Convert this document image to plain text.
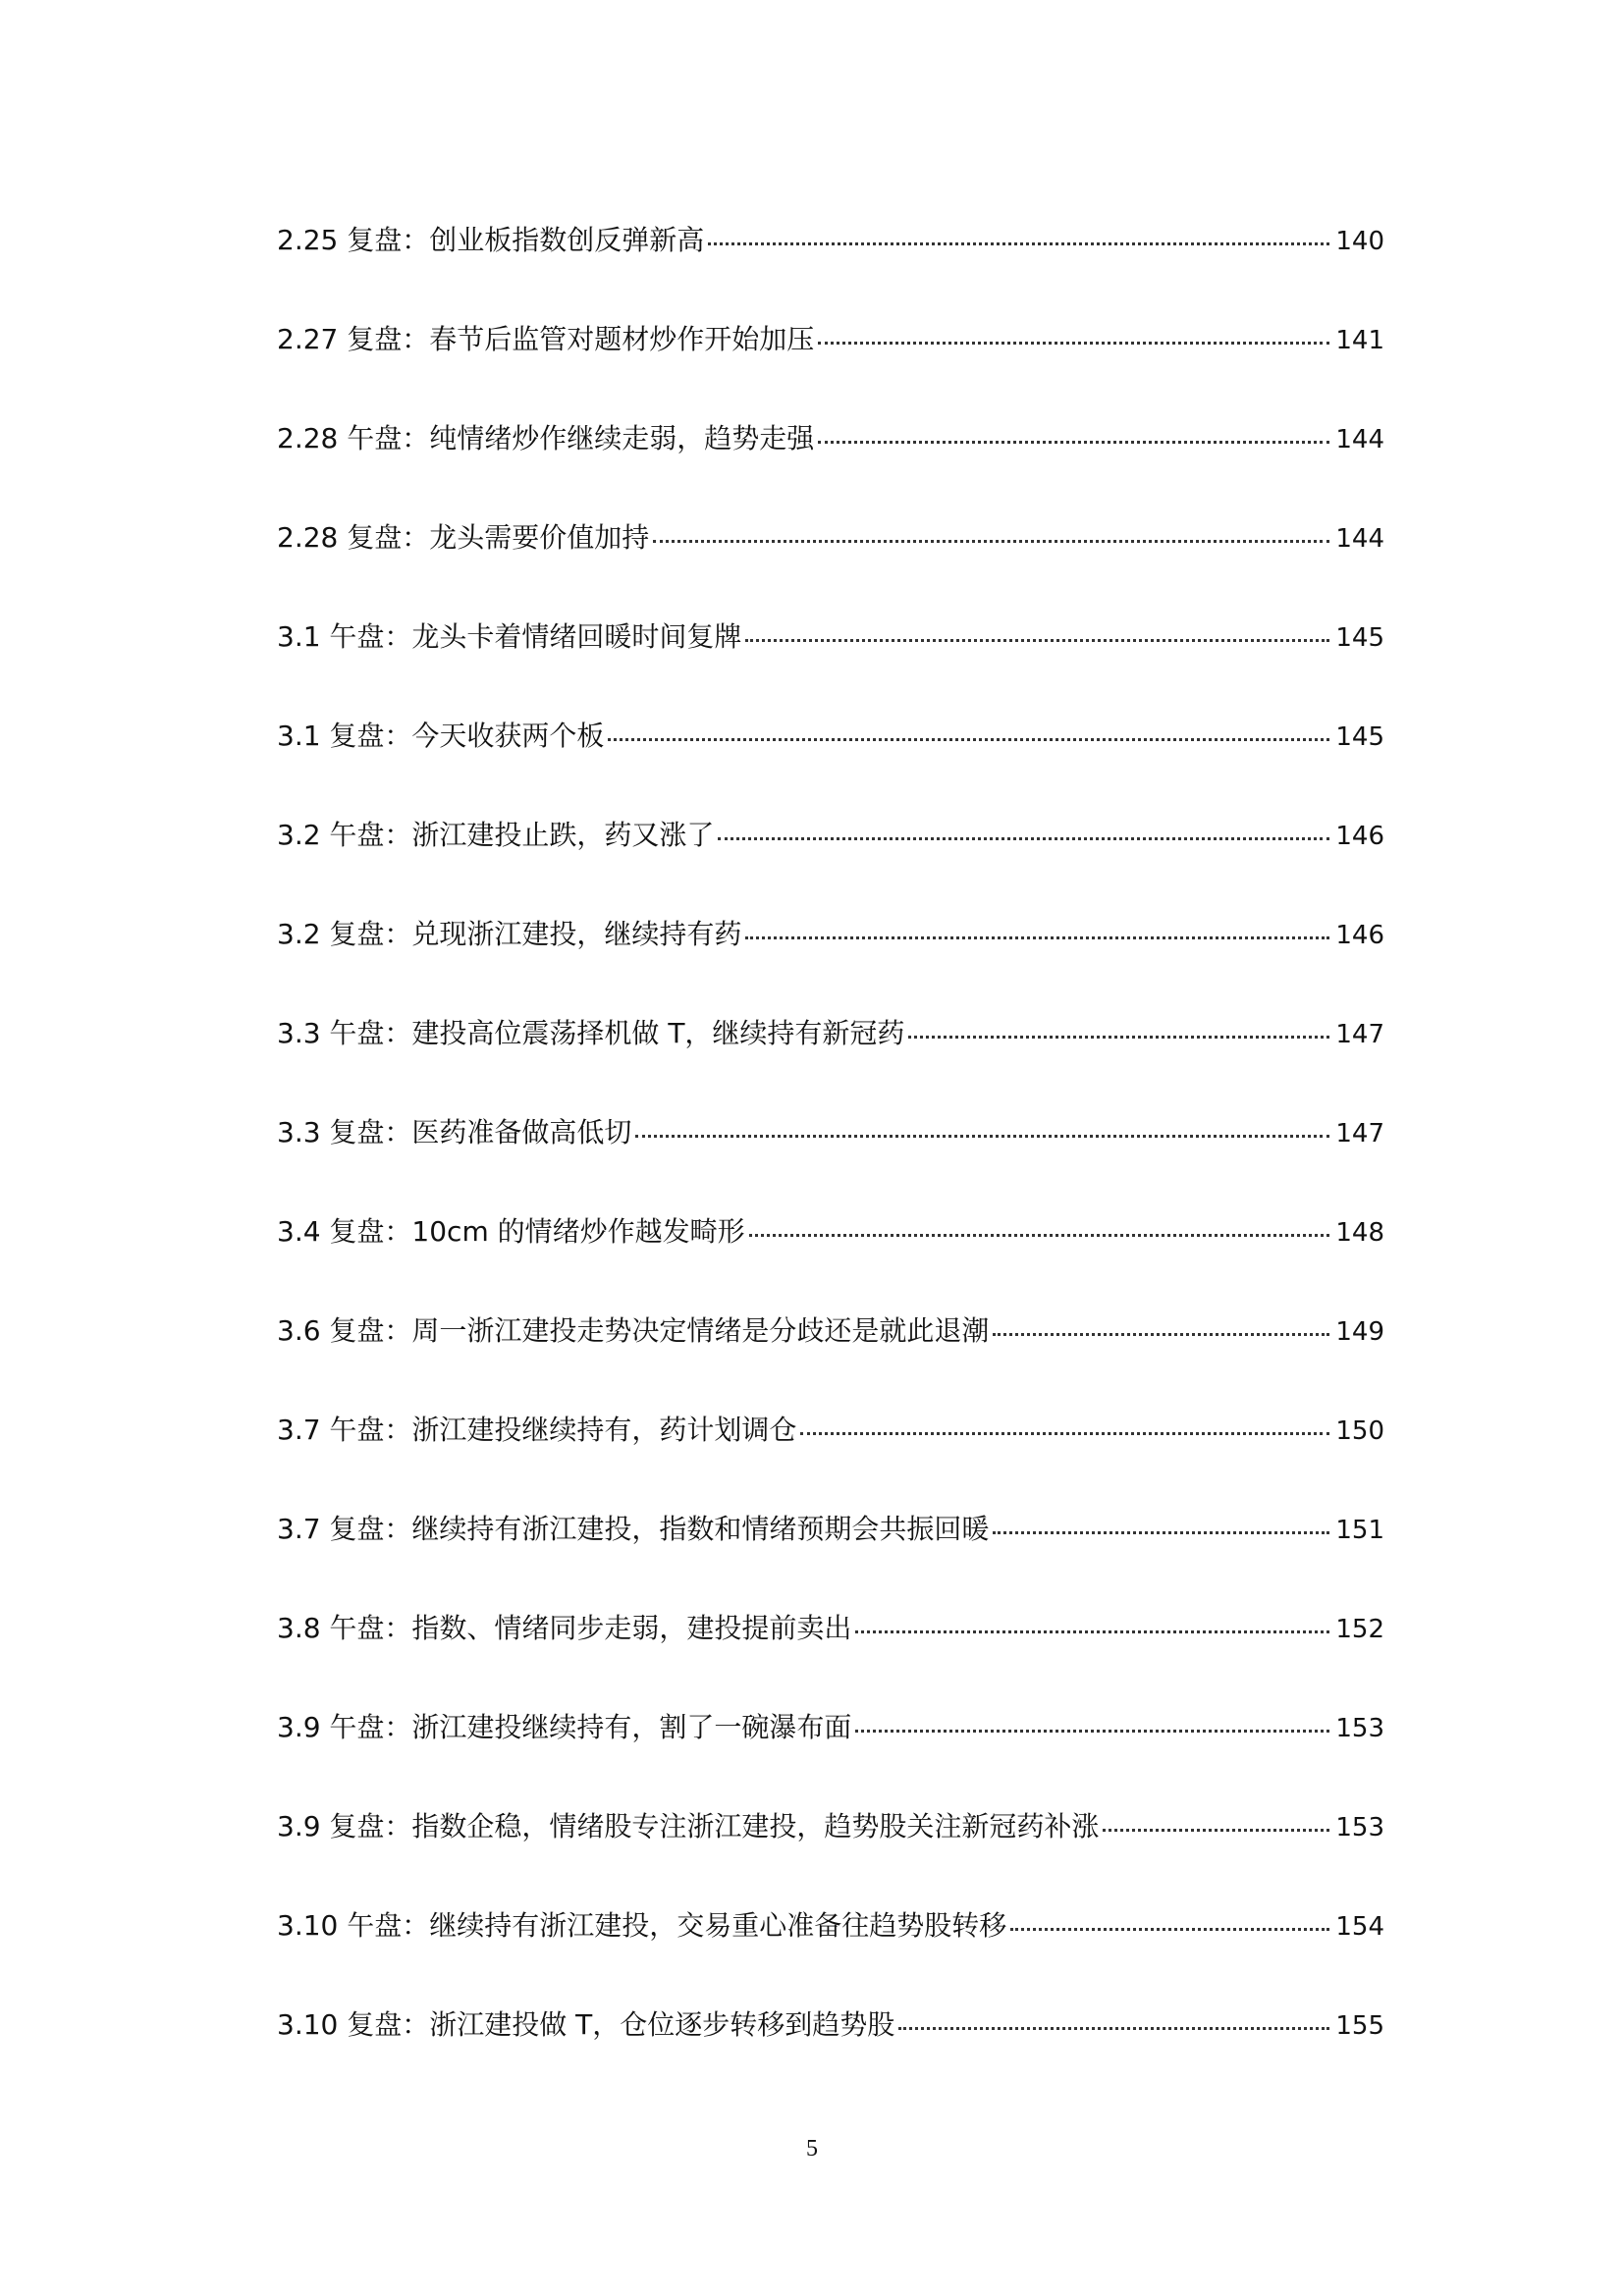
2.25 复盘：创业板指数创反弹新高	140
2.27 复盘：春节后监管对题材炒作开始加压	141
2.28 午盘：纯情绪炒作继续走弱，趋势走强	144
2.28 复盘：龙头需要价值加持	144
3.1 午盘：龙头卡着情绪回暖时间复牌	145
3.1 复盘：今天收获两个板	145
3.2 午盘：浙江建投止跌，药又涨了	146
3.2 复盘：兑现浙江建投，继续持有药	146
3.3 午盘：建投高位震荡择机做 T，继续持有新冠药	147
3.3 复盘：医药准备做高低切	147
3.4 复盘：10cm 的情绪炒作越发畸形	148
3.6 复盘：周一浙江建投走势决定情绪是分歧还是就此退潮	149
3.7 午盘：浙江建投继续持有，药计划调仓	150
3.7 复盘：继续持有浙江建投，指数和情绪预期会共振回暖	151
3.8 午盘：指数、情绪同步走弱，建投提前卖出	152
3.9 午盘：浙江建投继续持有，割了一碗瀑布面	153
3.9 复盘：指数企稳，情绪股专注浙江建投，趋势股关注新冠药补涨	153
3.10 午盘：继续持有浙江建投，交易重心准备往趋势股转移	154
3.10 复盘：浙江建投做 T，仓位逐步转移到趋势股	155
5
